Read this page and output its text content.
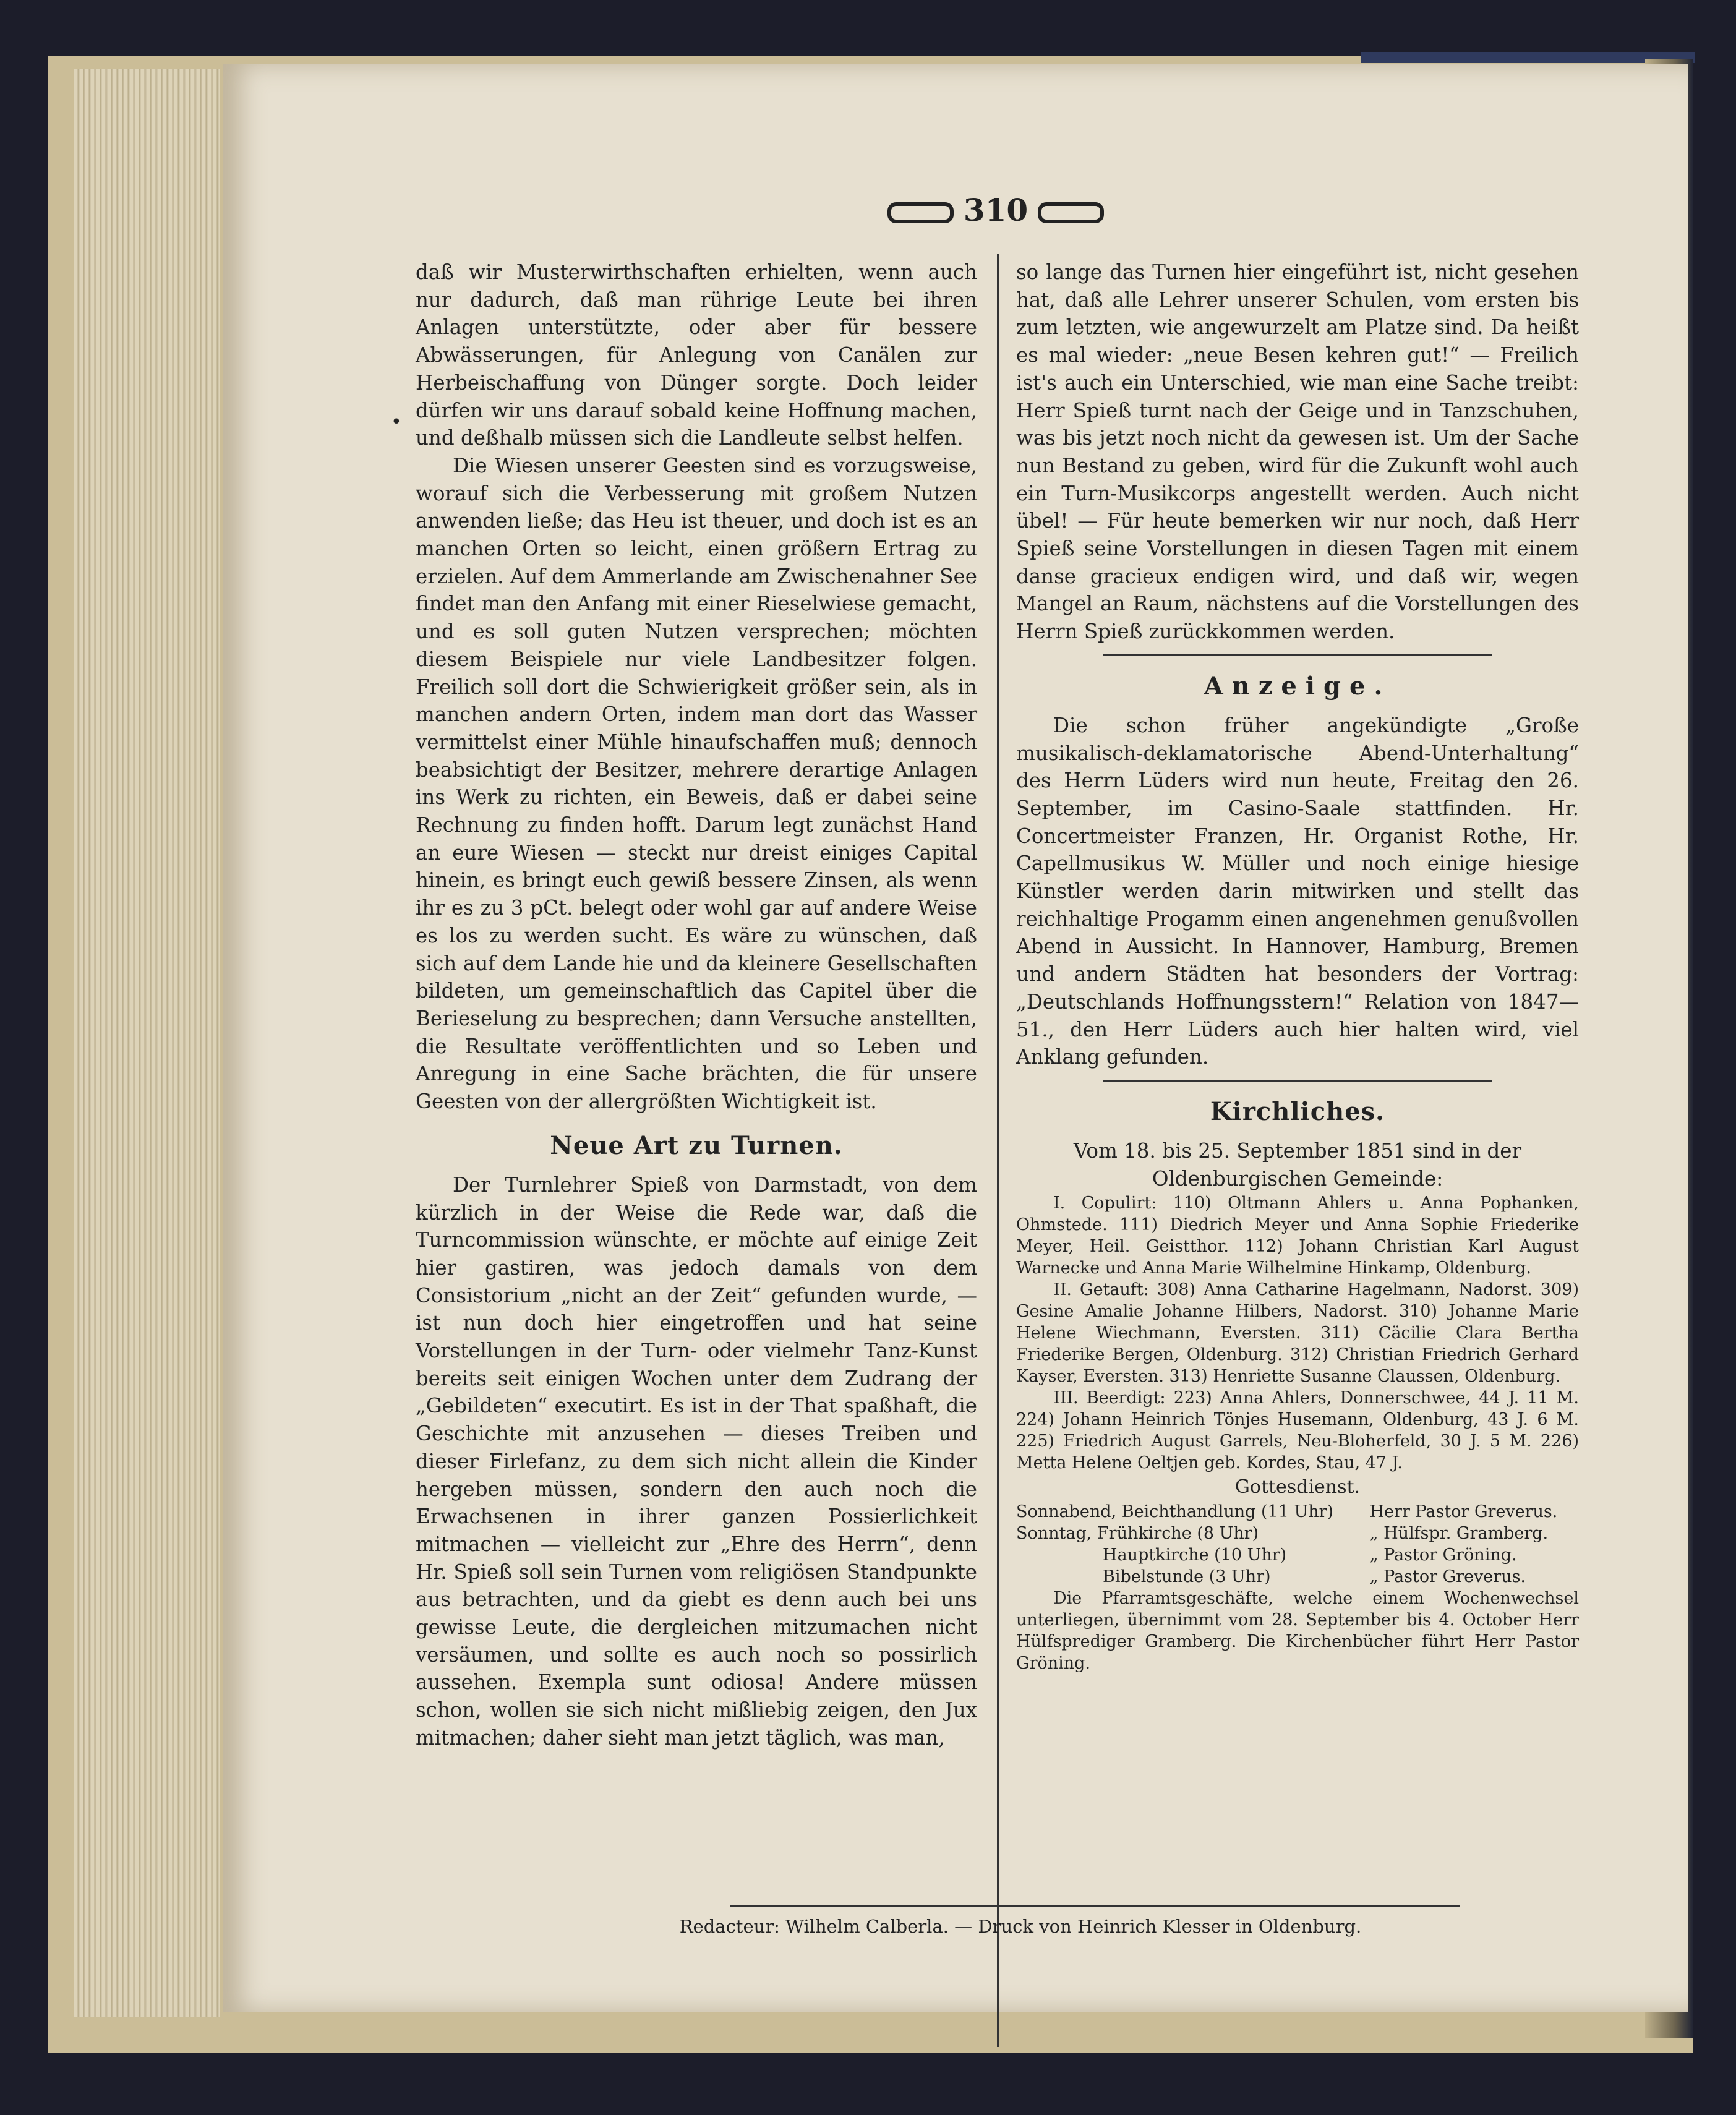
310
•

daß wir Musterwirthschaften erhielten, wenn auch nur dadurch, daß man rührige Leute bei ihren Anlagen unterstützte, oder aber für bessere Abwässerungen, für Anlegung von Canälen zur Herbeischaffung von Dünger sorgte. Doch leider dürfen wir uns darauf sobald keine Hoffnung machen, und deßhalb müssen sich die Landleute selbst helfen.

Die Wiesen unserer Geesten sind es vorzugsweise, worauf sich die Verbesserung mit großem Nutzen anwenden ließe; das Heu ist theuer, und doch ist es an manchen Orten so leicht, einen größern Ertrag zu erzielen. Auf dem Ammerlande am Zwischenahner See findet man den Anfang mit einer Rieselwiese gemacht, und es soll guten Nutzen versprechen; möchten diesem Beispiele nur viele Landbesitzer folgen. Freilich soll dort die Schwierigkeit größer sein, als in manchen andern Orten, indem man dort das Wasser vermittelst einer Mühle hinaufschaffen muß; dennoch beabsichtigt der Besitzer, mehrere derartige Anlagen ins Werk zu richten, ein Beweis, daß er dabei seine Rechnung zu finden hofft. Darum legt zunächst Hand an eure Wiesen — steckt nur dreist einiges Capital hinein, es bringt euch gewiß bessere Zinsen, als wenn ihr es zu 3 pCt. belegt oder wohl gar auf andere Weise es los zu werden sucht. Es wäre zu wünschen, daß sich auf dem Lande hie und da kleinere Gesellschaften bildeten, um gemeinschaftlich das Capitel über die Berieselung zu besprechen; dann Versuche anstellten, die Resultate veröffentlichten und so Leben und Anregung in eine Sache brächten, die für unsere Geesten von der allergrößten Wichtigkeit ist.

Neue Art zu Turnen.

Der Turnlehrer Spieß von Darmstadt, von dem kürzlich in der Weise die Rede war, daß die Turncommission wünschte, er möchte auf einige Zeit hier gastiren, was jedoch damals von dem Consistorium „nicht an der Zeit“ gefunden wurde, — ist nun doch hier eingetroffen und hat seine Vorstellungen in der Turn- oder vielmehr Tanz-Kunst bereits seit einigen Wochen unter dem Zudrang der „Gebildeten“ executirt. Es ist in der That spaßhaft, die Geschichte mit anzusehen — dieses Treiben und dieser Firlefanz, zu dem sich nicht allein die Kinder hergeben müssen, sondern den auch noch die Erwachsenen in ihrer ganzen Possierlichkeit mitmachen — vielleicht zur „Ehre des Herrn“, denn Hr. Spieß soll sein Turnen vom religiösen Standpunkte aus betrachten, und da giebt es denn auch bei uns gewisse Leute, die dergleichen mitzumachen nicht versäumen, und sollte es auch noch so possirlich aussehen. Exempla sunt odiosa! Andere müssen schon, wollen sie sich nicht mißliebig zeigen, den Jux mitmachen; daher sieht man jetzt täglich, was man,

so lange das Turnen hier eingeführt ist, nicht gesehen hat, daß alle Lehrer unserer Schulen, vom ersten bis zum letzten, wie angewurzelt am Platze sind. Da heißt es mal wieder: „neue Besen kehren gut!“ — Freilich ist's auch ein Unterschied, wie man eine Sache treibt: Herr Spieß turnt nach der Geige und in Tanzschuhen, was bis jetzt noch nicht da gewesen ist. Um der Sache nun Bestand zu geben, wird für die Zukunft wohl auch ein Turn-Musikcorps angestellt werden. Auch nicht übel! — Für heute bemerken wir nur noch, daß Herr Spieß seine Vorstellungen in diesen Tagen mit einem danse gracieux endigen wird, und daß wir, wegen Mangel an Raum, nächstens auf die Vorstellungen des Herrn Spieß zurückkommen werden.

Anzeige.

Die schon früher angekündigte „Große musikalisch-deklamatorische Abend-Unterhaltung“ des Herrn Lüders wird nun heute, Freitag den 26. September, im Casino-Saale stattfinden. Hr. Concertmeister Franzen, Hr. Organist Rothe, Hr. Capellmusikus W. Müller und noch einige hiesige Künstler werden darin mitwirken und stellt das reichhaltige Progamm einen angenehmen genußvollen Abend in Aussicht. In Hannover, Hamburg, Bremen und andern Städten hat besonders der Vortrag: „Deutschlands Hoffnungsstern!“ Relation von 1847—51., den Herr Lüders auch hier halten wird, viel Anklang gefunden.

Kirchliches.

Vom 18. bis 25. September 1851 sind in der Oldenburgischen Gemeinde:

I. Copulirt: 110) Oltmann Ahlers u. Anna Pophanken, Ohmstede. 111) Diedrich Meyer und Anna Sophie Friederike Meyer, Heil. Geistthor. 112) Johann Christian Karl August Warnecke und Anna Marie Wilhelmine Hinkamp, Oldenburg.

II. Getauft: 308) Anna Catharine Hagelmann, Nadorst. 309) Gesine Amalie Johanne Hilbers, Nadorst. 310) Johanne Marie Helene Wiechmann, Eversten. 311) Cäcilie Clara Bertha Friederike Bergen, Oldenburg. 312) Christian Friedrich Gerhard Kayser, Eversten. 313) Henriette Susanne Claussen, Oldenburg.

III. Beerdigt: 223) Anna Ahlers, Donnerschwee, 44 J. 11 M. 224) Johann Heinrich Tönjes Husemann, Oldenburg, 43 J. 6 M. 225) Friedrich August Garrels, Neu-Bloherfeld, 30 J. 5 M. 226) Metta Helene Oeltjen geb. Kordes, Stau, 47 J.

Gottesdienst.

Sonnabend, Beichthandlung (11 Uhr)	Herr Pastor Greverus.
Sonntag, Frühkirche (8 Uhr)	„ Hülfspr. Gramberg.
Hauptkirche (10 Uhr)	„ Pastor Gröning.
Bibelstunde (3 Uhr)	„ Pastor Greverus.

Die Pfarramtsgeschäfte, welche einem Wochenwechsel unterliegen, übernimmt vom 28. September bis 4. October Herr Hülfsprediger Gramberg. Die Kirchenbücher führt Herr Pastor Gröning.

Redacteur: Wilhelm Calberla. — Druck von Heinrich Klesser in Oldenburg.
